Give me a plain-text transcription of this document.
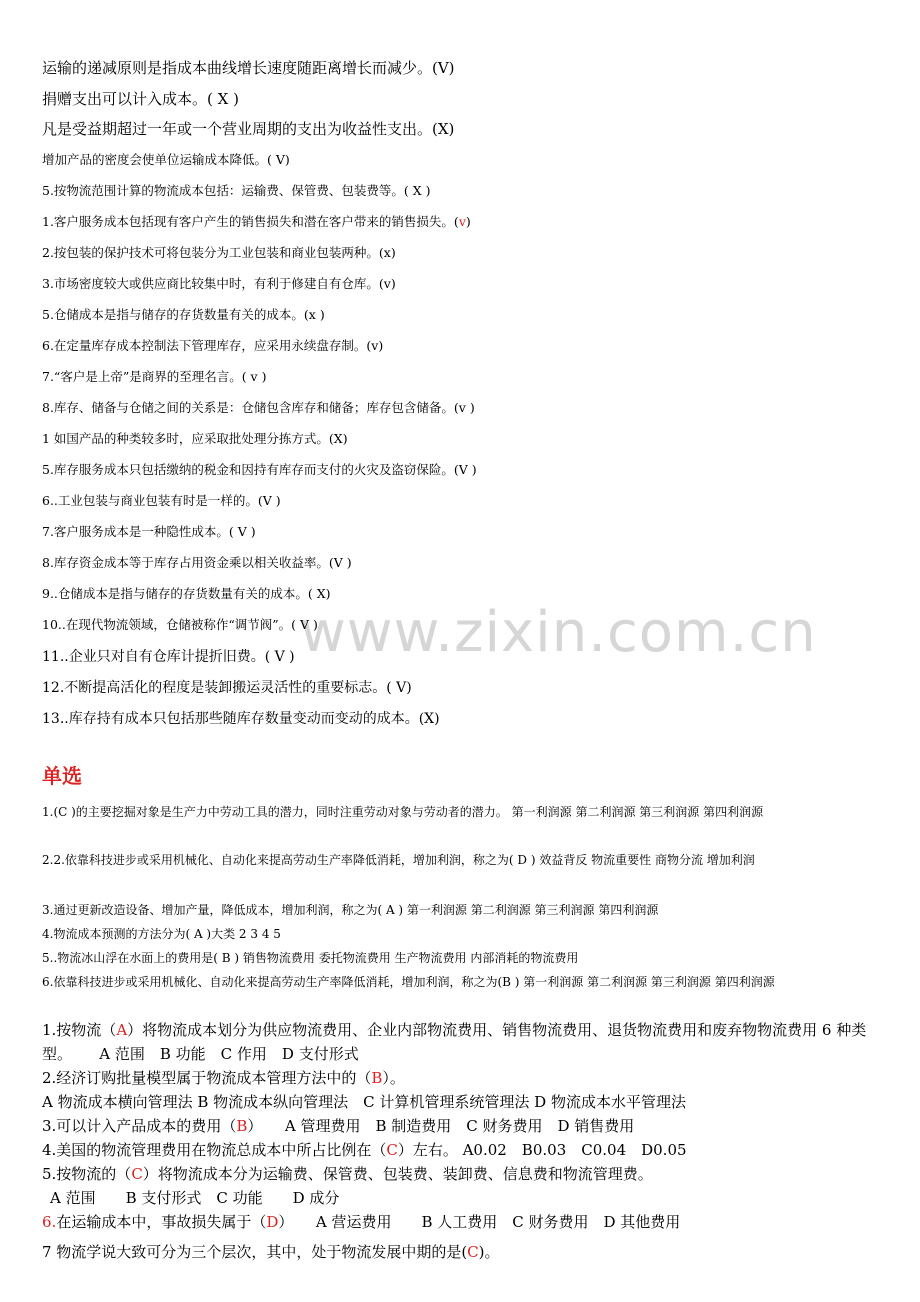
www.zixin.com.cn
运输的递减原则是指成本曲线增长速度随距离增长而减少。(V)
捐赠支出可以计入成本。( X )
凡是受益期超过一年或一个营业周期的支出为收益性支出。(X)
增加产品的密度会使单位运输成本降低。( V)
5.按物流范围计算的物流成本包括：运输费、保管费、包装费等。( X )
1.客户服务成本包括现有客户产生的销售损失和潜在客户带来的销售损失。(v)
2.按包装的保护技术可将包装分为工业包装和商业包装两种。(x)
3.市场密度较大或供应商比较集中时，有利于修建自有仓库。(v)
5.仓储成本是指与储存的存货数量有关的成本。(x )
6.在定量库存成本控制法下管理库存，应采用永续盘存制。(v)
7.“客户是上帝”是商界的至理名言。( v )
8.库存、储备与仓储之间的关系是：仓储包含库存和储备；库存包含储备。(v )
1 如国产品的种类较多时，应采取批处理分拣方式。(X)
5.库存服务成本只包括缴纳的税金和因持有库存而支付的火灾及盗窃保险。(V )
6..工业包装与商业包装有时是一样的。(V )
7.客户服务成本是一种隐性成本。( V )
8.库存资金成本等于库存占用资金乘以相关收益率。(V )
9..仓储成本是指与储存的存货数量有关的成本。( X)
10..在现代物流领域，仓储被称作“调节阀”。( V )
11..企业只对自有仓库计提折旧费。( V )
12.不断提高活化的程度是装卸搬运灵活性的重要标志。( V)
13..库存持有成本只包括那些随库存数量变动而变动的成本。(X)
单选
1.(C )的主要挖掘对象是生产力中劳动工具的潜力，同时注重劳动对象与劳动者的潜力。 第一利润源 第二利润源 第三利润源 第四利润源
2.2.依靠科技进步或采用机械化、自动化来提高劳动生产率降低消耗，增加利润，称之为( D ) 效益背反 物流重要性 商物分流 增加利润
3.通过更新改造设备、增加产量，降低成本，增加利润，称之为( A ) 第一利润源 第二利润源 第三利润源 第四利润源
4.物流成本预测的方法分为( A )大类 2 3 4 5
5..物流冰山浮在水面上的费用是( B ) 销售物流费用 委托物流费用 生产物流费用 内部消耗的物流费用
6.依靠科技进步或采用机械化、自动化来提高劳动生产率降低消耗，增加利润，称之为(B ) 第一利润源 第二利润源 第三利润源 第四利润源
1.按物流（A）将物流成本划分为供应物流费用、企业内部物流费用、销售物流费用、退货物流费用和废弃物物流费用 6 种类型。　　 A 范围　B 功能　C 作用　D 支付形式
2.经济订购批量模型属于物流成本管理方法中的（B）。
A 物流成本横向管理法 B 物流成本纵向管理法　C 计算机管理系统管理法 D 物流成本水平管理法
3.可以计入产品成本的费用（B）　　A 管理费用　B 制造费用　C 财务费用　D 销售费用
4.美国的物流管理费用在物流总成本中所占比例在（C）左右。 A0.02　B0.03　C0.04　D0.05
5.按物流的（C）将物流成本分为运输费、保管费、包装费、装卸费、信息费和物流管理费。
A 范围　　B 支付形式　C 功能　　D 成分
6.在运输成本中，事故损失属于（D）　　A 营运费用　　B 人工费用　C 财务费用　D 其他费用
7 物流学说大致可分为三个层次，其中，处于物流发展中期的是(C)。
